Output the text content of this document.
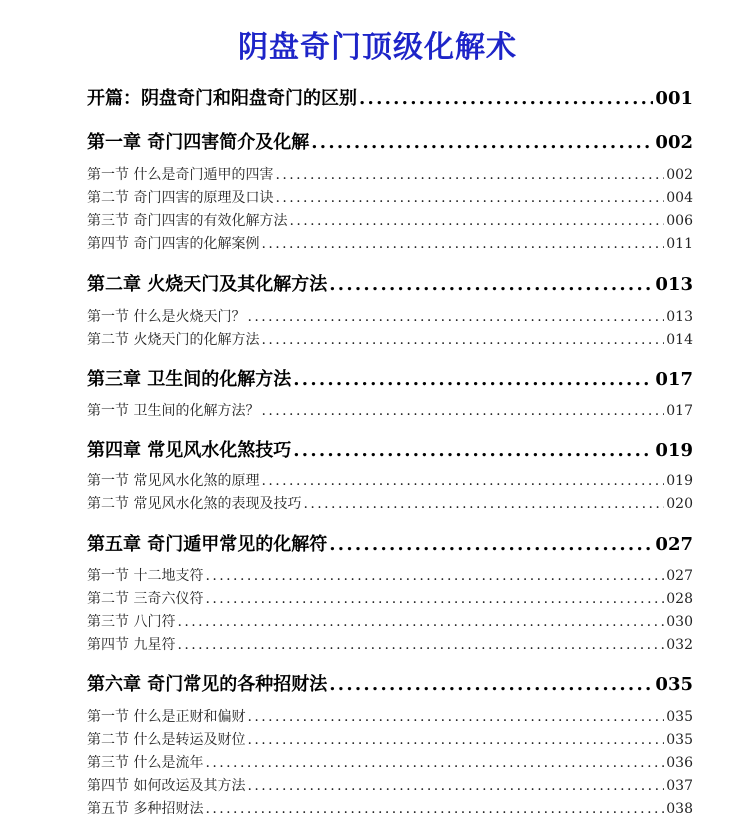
阴盘奇门顶级化解术
开篇：阴盘奇门和阳盘奇门的区别 . . .	001
第一章 奇门四害简介及化解 . . .	002
第一节 什么是奇门遁甲的四害 . . .	002
第二节 奇门四害的原理及口诀 . . .	004
第三节 奇门四害的有效化解方法 . . .	006
第四节 奇门四害的化解案例 . . .	011
第二章 火烧天门及其化解方法 . . .	013
第一节 什么是火烧天门？ . . .	013
第二节 火烧天门的化解方法 . . .	014
第三章 卫生间的化解方法 . . .	017
第一节 卫生间的化解方法？ . . .	017
第四章 常见风水化煞技巧 . . .	019
第一节 常见风水化煞的原理 . . .	019
第二节 常见风水化煞的表现及技巧 . . .	020
第五章 奇门遁甲常见的化解符 . . .	027
第一节 十二地支符 . . .	027
第二节 三奇六仪符 . . .	028
第三节 八门符 . . .	030
第四节 九星符 . . .	032
第六章 奇门常见的各种招财法 . . .	035
第一节 什么是正财和偏财 . . .	035
第二节 什么是转运及财位 . . .	035
第三节 什么是流年 . . .	036
第四节 如何改运及其方法 . . .	037
第五节 多种招财法 . . .	038
